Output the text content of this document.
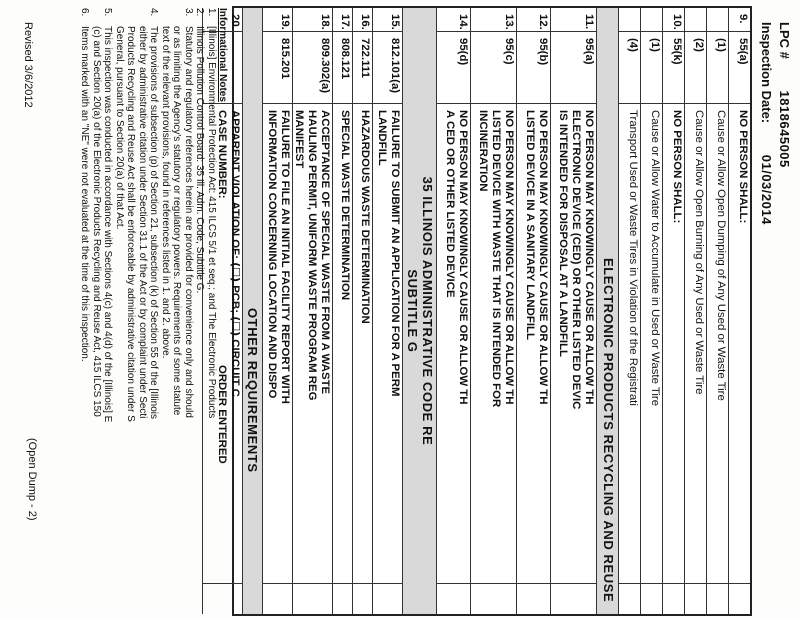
LPC # 1818645005
Inspection Date: 01/03/2014
9.
55(a)
NO PERSON SHALL:
(1)
Cause or Allow Open Dumping of Any Used or Waste Tire
(2)
Cause or Allow Open Burning of Any Used or Waste Tire
10.
55(k)
NO PERSON SHALL:
(1)
Cause or Allow Water to Accumulate in Used or Waste Tire
(4)
Transport Used or Waste Tires in Violation of the Registrati
ELECTRONIC PRODUCTS RECYCLING AND REUSE
11.
95(a)
NO PERSON MAY KNOWINGLY CAUSE OR ALLOW TH
ELECTRONIC DEVICE (CED) OR OTHER LISTED DEVIC
IS INTENDED FOR DISPOSAL AT A LANDFILL
12.
95(b)
NO PERSON MAY KNOWINGLY CAUSE OR ALLOW TH
LISTED DEVICE IN A SANITARY LANDFILL
13.
95(c)
NO PERSON MAY KNOWINGLY CAUSE OR ALLOW TH
LISTED DEVICE WITH WASTE THAT IS INTENDED FOR
INCINERATION
14.
95(d)
NO PERSON MAY KNOWINGLY CAUSE OR ALLOW TH
A CED OR OTHER LISTED DEVICE
35 ILLINOIS ADMINISTRATIVE CODE RE
SUBTITLE G
15.
812.101(a)
FAILURE TO SUBMIT AN APPLICATION FOR A PERM
LANDFILL
16.
722.111
HAZARDOUS WASTE DETERMINATION
17.
808.121
SPECIAL WASTE DETERMINATION
18.
809.302(a)
ACCEPTANCE OF SPECIAL WASTE FROM A WASTE
HAULING PERMIT, UNIFORM WASTE PROGRAM REG
MANIFEST
19.
815.201
FAILURE TO FILE AN INITIAL FACILITY REPORT WITH
INFORMATION CONCERNING LOCATION AND DISPO
OTHER REQUIREMENTS
20.
APPARENT VIOLATION OF: (☐) PCB; (☐) CIRCUIT C
CASE NUMBER:  ORDER ENTERED
Informational Notes
1.
[Illinois] Environmental Protection Act: 415 ILCS 5/1 et seq.; and The Electronic Products
2.
Illinois Pollution Control Board: 35 Ill. Adm. Code, Subtitle G.
3.
Statutory and regulatory references herein are provided for convenience only and should
or as limiting the Agency's statutory or regulatory powers. Requirements of some statute
text of the relevant provisions, found in references listed in 1. and 2. above.
4.
The provisions of subsection (p) of Section 21, subsection (k) of Section 55 of the [Illinois
either by administrative citation under Section 31.1 of the Act or by complaint under Secti
Products Recycling and Reuse Act shall be enforceable by administrative citation under S
General, pursuant to Section 20(a) of that Act.
5.
This inspection was conducted in accordance with Sections 4(c) and 4(d) of the [Illinois] E
(c) and Section 20(a) of the Electronic Products Recycling and Reuse Act, 415 ILCS 150
6.
Items marked with an "NE" were not evaluated at the time of this inspection.
Revised 3/6/2012
(Open Dump - 2)
